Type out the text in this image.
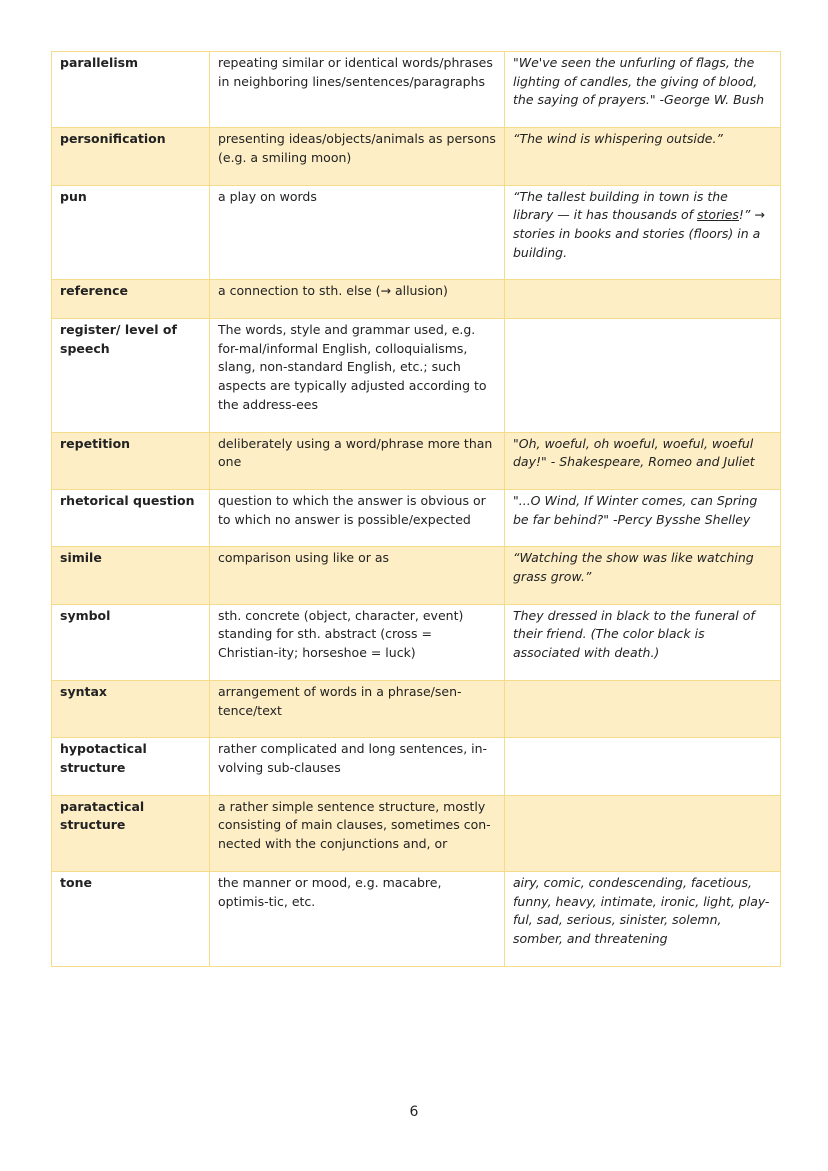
parallelism	repeating similar or identical words/phrases in neighboring lines/sentences/paragraphs	"We've seen the unfurling of flags, the lighting of candles, the giving of blood, the saying of prayers." -George W. Bush
personification	presenting ideas/objects/animals as persons (e.g. a smiling moon)	“The wind is whispering outside.”
pun	a play on words	“The tallest building in town is the library — it has thousands of stories!” → stories in books and stories (floors) in a building.
reference	a connection to sth. else (→ allusion)	
register/ level of speech	The words, style and grammar used, e.g. for-mal/informal English, colloquialisms, slang, non-standard English, etc.; such aspects are typically adjusted according to the address-ees	
repetition	deliberately using a word/phrase more than one	"Oh, woeful, oh woeful, woeful, woeful day!" - Shakespeare, Romeo and Juliet
rhetorical question	question to which the answer is obvious or to which no answer is possible/expected	"...O Wind, If Winter comes, can Spring be far behind?" -Percy Bysshe Shelley
simile	comparison using like or as	“Watching the show was like watching grass grow.”
symbol	sth. concrete (object, character, event) standing for sth. abstract (cross = Christian-ity; horseshoe = luck)	They dressed in black to the funeral of their friend. (The color black is associated with death.)
syntax	arrangement of words in a phrase/sen-tence/text	
hypotactical structure	rather complicated and long sentences, in-volving sub-clauses	
paratactical structure	a rather simple sentence structure, mostly consisting of main clauses, sometimes con-nected with the conjunctions and, or	
tone	the manner or mood, e.g. macabre, optimis-tic, etc.	airy, comic, condescending, facetious, funny, heavy, intimate, ironic, light, play-ful, sad, serious, sinister, solemn, somber, and threatening
6
